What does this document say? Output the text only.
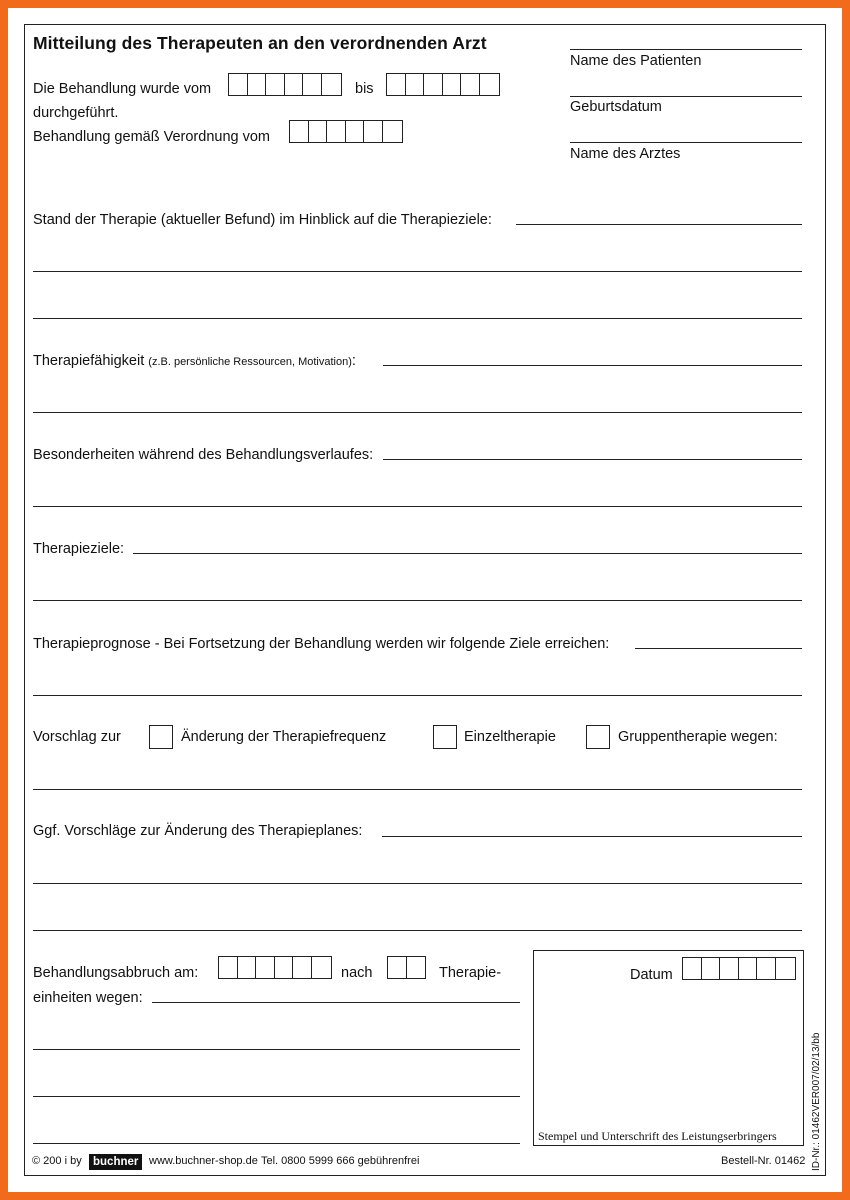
Mitteilung des Therapeuten an den verordnenden Arzt
Die Behandlung wurde vom	bis
durchgeführt.
Behandlung gemäß Verordnung vom
Name des Patienten
Geburtsdatum
Name des Arztes
Stand der Therapie (aktueller Befund) im Hinblick auf die Therapieziele:
Therapiefähigkeit (z.B. persönliche Ressourcen, Motivation):
Besonderheiten während des Behandlungsverlaufes:
Therapieziele:
Therapieprognose - Bei Fortsetzung der Behandlung werden wir folgende Ziele erreichen:
Vorschlag zur	Änderung der Therapiefrequenz	Einzeltherapie	Gruppentherapie wegen:
Ggf. Vorschläge zur Änderung des Therapieplanes:
Behandlungsabbruch am:	nach	Therapie-
einheiten wegen:
Datum
Stempel und Unterschrift des Leistungserbringers	ID-Nr.: 01462VER007/02/13/bb
© 200 i by buchner www.buchner-shop.de Tel. 0800 5999 666 gebührenfrei	Bestell-Nr. 01462
